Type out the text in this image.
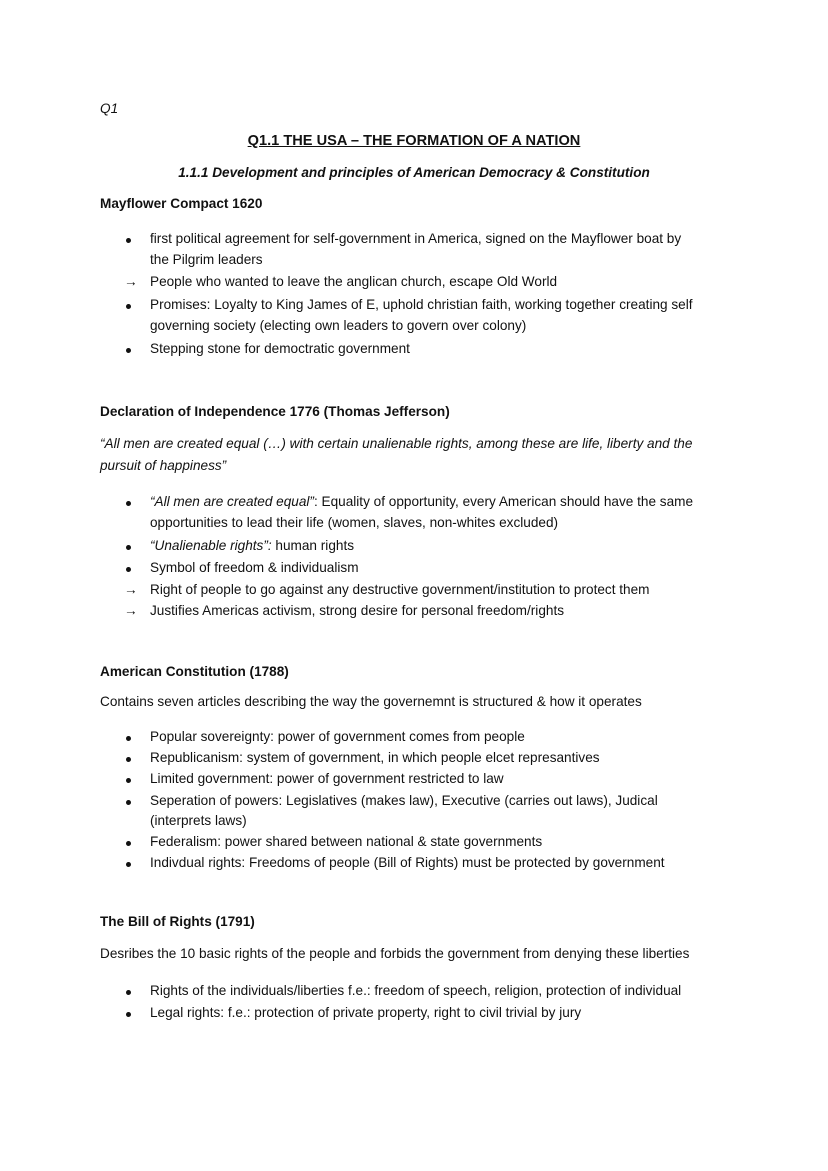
Q1
Q1.1 THE USA – THE FORMATION OF A NATION
1.1.1 Development and principles of American Democracy & Constitution
Mayflower Compact 1620
first political agreement for self-government in America, signed on the Mayflower boat by
the Pilgrim leaders
→ People who wanted to leave the anglican church, escape Old World
Promises: Loyalty to King James of E, uphold christian faith, working together creating self
governing society (electing own leaders to govern over colony)
Stepping stone for democtratic government
Declaration of Independence 1776 (Thomas Jefferson)
“All men are created equal (…) with certain unalienable rights, among these are life, liberty and the
pursuit of happiness”
“All men are created equal”: Equality of opportunity, every American should have the same
opportunities to lead their life (women, slaves, non-whites excluded)
“Unalienable rights”: human rights
Symbol of freedom & individualism
→ Right of people to go against any destructive government/institution to protect them
→ Justifies Americas activism, strong desire for personal freedom/rights
American Constitution (1788)
Contains seven articles describing the way the governemnt is structured & how it operates
Popular sovereignty: power of government comes from people
Republicanism: system of government, in which people elcet represantives
Limited government: power of government restricted to law
Seperation of powers: Legislatives (makes law), Executive (carries out laws), Judical
(interprets laws)
Federalism: power shared between national & state governments
Indivdual rights: Freedoms of people (Bill of Rights) must be protected by government
The Bill of Rights (1791)
Desribes the 10 basic rights of the people and forbids the government from denying these liberties
Rights of the individuals/liberties f.e.: freedom of speech, religion, protection of individual
Legal rights: f.e.: protection of private property, right to civil trivial by jury
